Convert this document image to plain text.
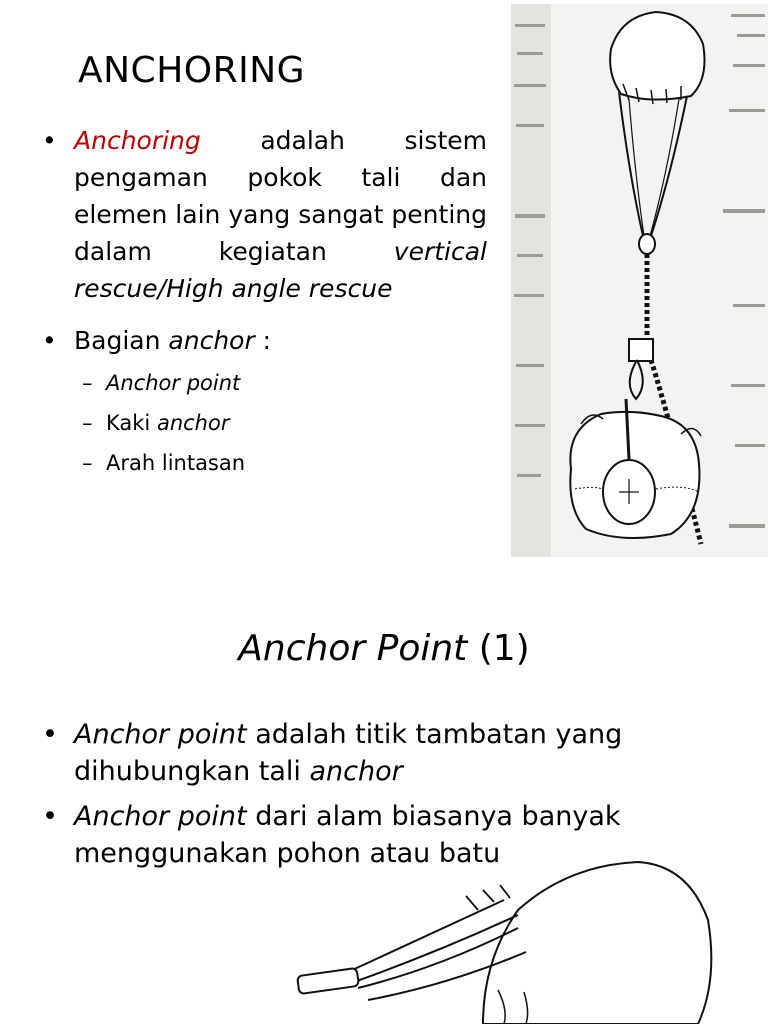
ANCHORING
• Anchoring adalah sistem pengaman pokok tali dan elemen lain yang sangat penting dalam kegiatan vertical rescue/High angle rescue
• Bagian anchor :
– Anchor point
– Kaki anchor
– Arah lintasan
Anchor Point (1)
• Anchor point adalah titik tambatan yang dihubungkan tali anchor
• Anchor point dari alam biasanya banyak menggunakan pohon atau batu
